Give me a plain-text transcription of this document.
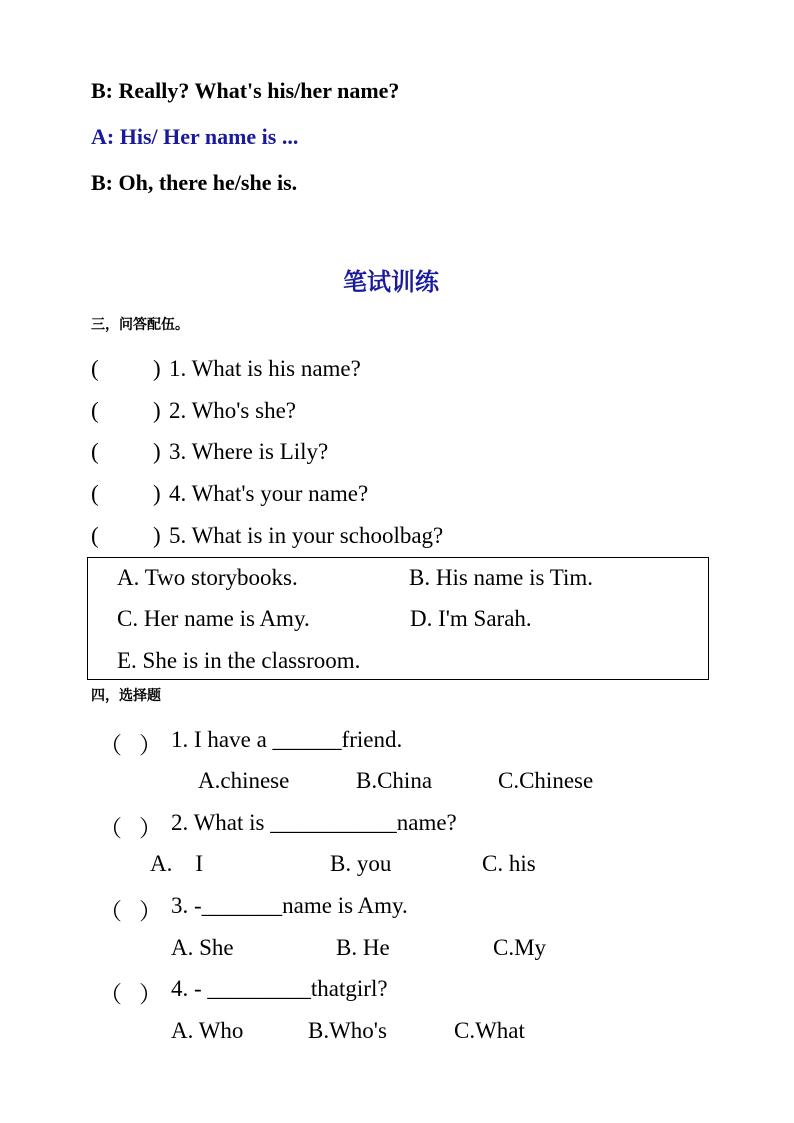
B: Really? What's his/her name?
A: His/ Her name is ...
B: Oh, there he/she is.
笔试训练
三，问答配伍。
( ) 1. What is his name?
( ) 2. Who's she?
( ) 3. Where is Lily?
( ) 4. What's your name?
( ) 5. What is in your schoolbag?
A. Two storybooks.	B. His name is Tim.
C. Her name is Amy.	D. I'm Sarah.
E. She is in the classroom.
四，选择题
（ ） 1. I have a ______friend.
A.chinese	B.China	C.Chinese
（ ） 2. What is ___________name?
A.    I	B. you	C. his
（ ） 3. -_______name is Amy.
A. She	B. He	C.My
（ ） 4. - _________thatgirl?
A. Who	B.Who's	C.What
